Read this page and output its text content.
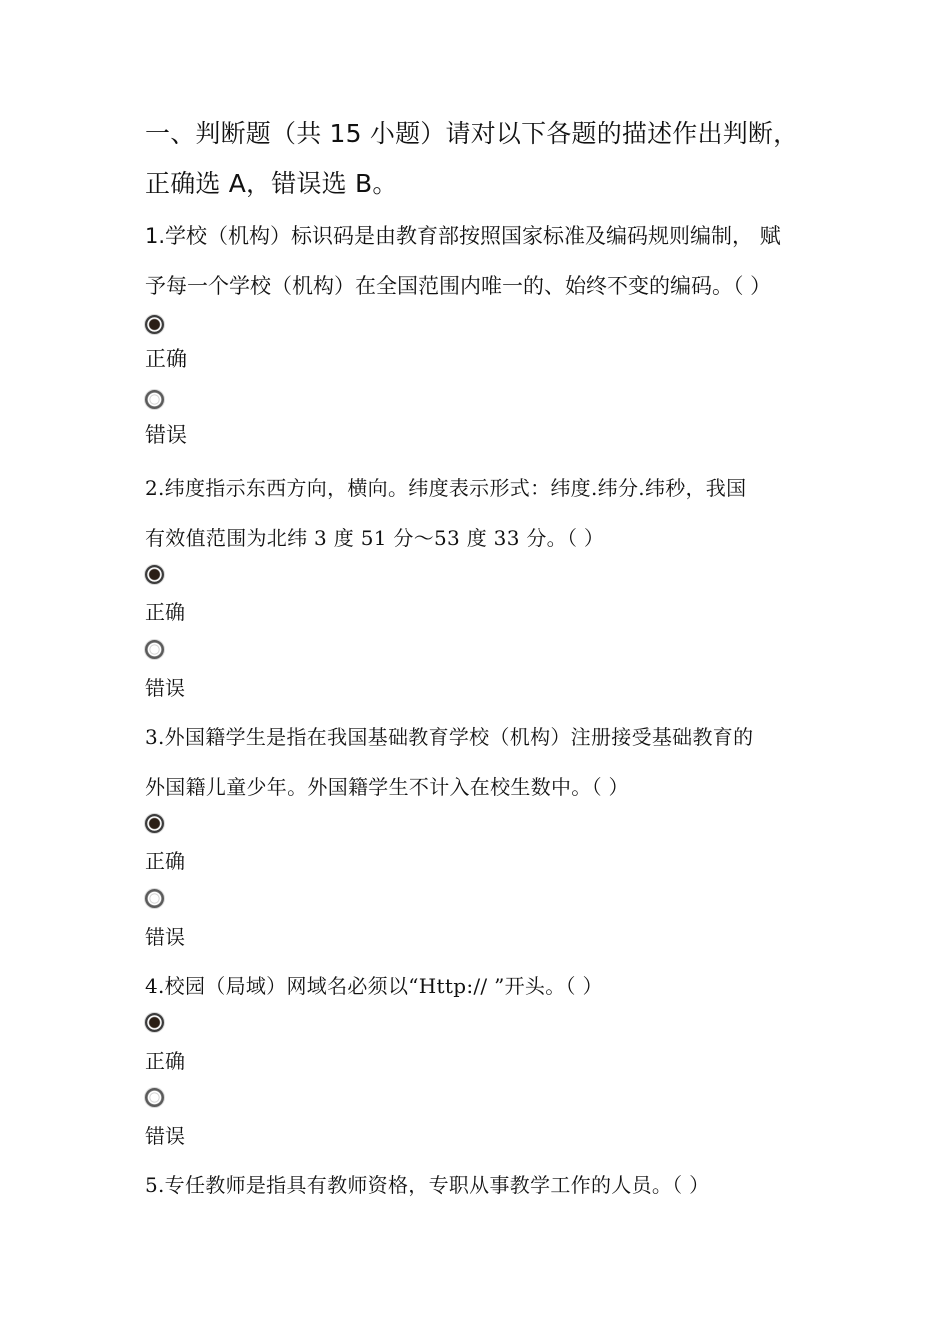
一、判断题（共 15 小题）请对以下各题的描述作出判断，
正确选 A，错误选 B。
1.学校（机构）标识码是由教育部按照国家标准及编码规则编制， 赋
予每一个学校（机构）在全国范围内唯一的、始终不变的编码。（ ）
正确
错误
2.纬度指示东西方向，横向。纬度表示形式：纬度.纬分.纬秒，我国
有效值范围为北纬 3 度 51 分～53 度 33 分。（ ）
正确
错误
3.外国籍学生是指在我国基础教育学校（机构）注册接受基础教育的
外国籍儿童少年。外国籍学生不计入在校生数中。（ ）
正确
错误
4.校园（局域）网域名必须以“Http:// ”开头。（ ）
正确
错误
5.专任教师是指具有教师资格，专职从事教学工作的人员。（ ）
